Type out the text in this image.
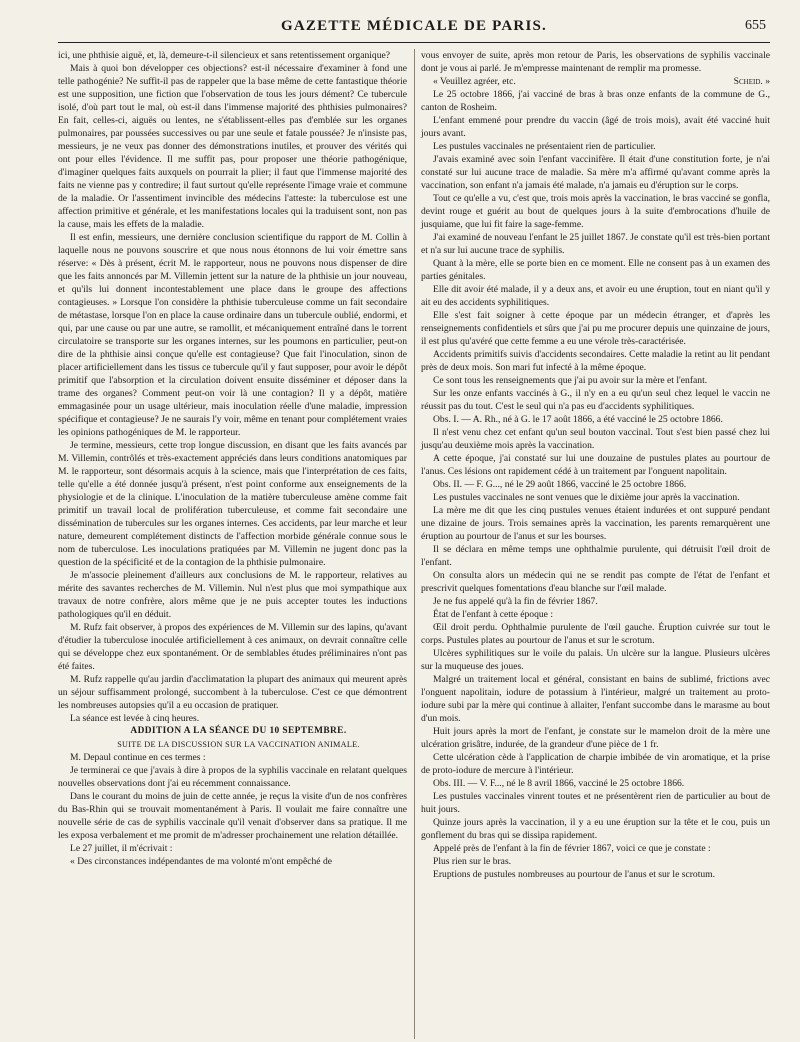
GAZETTE MÉDICALE DE PARIS.	655

ici, une phthisie aiguë, et, là, demeure-t-il silencieux et sans retentissement organique?

Mais à quoi bon développer ces objections? est-il nécessaire d'examiner à fond une telle pathogénie? Ne suffit-il pas de rappeler que la base même de cette fantastique théorie est une supposition, une fiction que l'observation de tous les jours dément? Ce tubercule isolé, d'où part tout le mal, où est-il dans l'immense majorité des phthisies pulmonaires? En fait, celles-ci, aiguës ou lentes, ne s'établissent-elles pas d'emblée sur les organes pulmonaires, par poussées successives ou par une seule et fatale poussée? Je n'insiste pas, messieurs, je ne veux pas donner des démonstrations inutiles, et prouver des vérités qui ont pour elles l'évidence. Il me suffit pas, pour proposer une théorie pathogénique, d'imaginer quelques faits auxquels on pourrait la plier; il faut que l'immense majorité des faits ne vienne pas y contredire; il faut surtout qu'elle représente l'image vraie et commune de la maladie. Or l'assentiment invincible des médecins l'atteste: la tuberculose est une affection primitive et générale, et les manifestations locales qui la traduisent sont, non pas la cause, mais les effets de la maladie.

Il est enfin, messieurs, une dernière conclusion scientifique du rapport de M. Collin à laquelle nous ne pouvons souscrire et que nous nous étonnons de lui voir émettre sans réserve: « Dès à présent, écrit M. le rapporteur, nous ne pouvons nous dispenser de dire que les faits annoncés par M. Villemin jettent sur la nature de la phthisie un jour nouveau, et qu'ils lui donnent incontestablement une place dans le groupe des affections contagieuses. » Lorsque l'on considère la phthisie tuberculeuse comme un fait secondaire de métastase, lorsque l'on en place la cause ordinaire dans un tubercule oublié, endormi, et qui, par une cause ou par une autre, se ramollit, et mécaniquement entraîné dans le torrent circulatoire se transporte sur les organes internes, sur les poumons en particulier, peut-on dire de la phthisie ainsi conçue qu'elle est contagieuse? Que fait l'inoculation, sinon de placer artificiellement dans les tissus ce tubercule qu'il y faut supposer, pour avoir le dépôt primitif que l'absorption et la circulation doivent ensuite disséminer et déposer dans la trame des organes? Comment peut-on voir là une contagion? Il y a dépôt, matière emmagasinée pour un usage ultérieur, mais inoculation réelle d'une maladie, impression spécifique et contagieuse? Je ne saurais l'y voir, même en tenant pour complétement vraies les opinions pathogéniques de M. le rapporteur.

Je termine, messieurs, cette trop longue discussion, en disant que les faits avancés par M. Villemin, contrôlés et très-exactement appréciés dans leurs conditions anatomiques par M. le rapporteur, sont désormais acquis à la science, mais que l'interprétation de ces faits, telle qu'elle a été donnée jusqu'à présent, n'est point conforme aux enseignements de la physiologie et de la clinique. L'inoculation de la matière tuberculeuse amène comme fait primitif un travail local de prolifération tuberculeuse, et comme fait secondaire une dissémination de tubercules sur les organes internes. Ces accidents, par leur marche et leur nature, demeurent complétement distincts de l'affection morbide générale connue sous le nom de tuberculose. Les inoculations pratiquées par M. Villemin ne jugent donc pas la question de la spécificité et de la contagion de la phthisie pulmonaire.

Je m'associe pleinement d'ailleurs aux conclusions de M. le rapporteur, relatives au mérite des savantes recherches de M. Villemin. Nul n'est plus que moi sympathique aux travaux de notre confrère, alors même que je ne puis accepter toutes les inductions pathologiques qu'il en déduit.

M. Rufz fait observer, à propos des expériences de M. Villemin sur des lapins, qu'avant d'étudier la tuberculose inoculée artificiellement à ces animaux, on devrait connaître celle qui se développe chez eux spontanément. Or de semblables études préliminaires n'ont pas été faites.

M. Rufz rappelle qu'au jardin d'acclimatation la plupart des animaux qui meurent après un séjour suffisamment prolongé, succombent à la tuberculose. C'est ce que démontrent les nombreuses autopsies qu'il a eu occasion de pratiquer.

La séance est levée à cinq heures.

ADDITION A LA SÉANCE DU 10 SEPTEMBRE.

SUITE DE LA DISCUSSION SUR LA VACCINATION ANIMALE.

M. Depaul continue en ces termes :

Je terminerai ce que j'avais à dire à propos de la syphilis vaccinale en relatant quelques nouvelles observations dont j'ai eu récemment connaissance.

Dans le courant du moins de juin de cette année, je reçus la visite d'un de nos confrères du Bas-Rhin qui se trouvait momentanément à Paris. Il voulait me faire connaître une nouvelle série de cas de syphilis vaccinale qu'il venait d'observer dans sa pratique. Il me les exposa verbalement et me promit de m'adresser prochainement une relation détaillée.

Le 27 juillet, il m'écrivait :

« Des circonstances indépendantes de ma volonté m'ont empêché de

vous envoyer de suite, après mon retour de Paris, les observations de syphilis vaccinale dont je vous ai parlé. Je m'empresse maintenant de remplir ma promesse.

« Veuillez agréer, etc.	Scheid. »

Le 25 octobre 1866, j'ai vacciné de bras à bras onze enfants de la commune de G., canton de Rosheim.

L'enfant emmené pour prendre du vaccin (âgé de trois mois), avait été vacciné huit jours avant.

Les pustules vaccinales ne présentaient rien de particulier.

J'avais examiné avec soin l'enfant vaccinifère. Il était d'une constitution forte, je n'ai constaté sur lui aucune trace de maladie. Sa mère m'a affirmé qu'avant comme après la vaccination, son enfant n'a jamais été malade, n'a jamais eu d'éruption sur le corps.

Tout ce qu'elle a vu, c'est que, trois mois après la vaccination, le bras vacciné se gonfla, devint rouge et guérit au bout de quelques jours à la suite d'embrocations d'huile de jusquiame, que lui fit faire la sage-femme.

J'ai examiné de nouveau l'enfant le 25 juillet 1867. Je constate qu'il est très-bien portant et n'a sur lui aucune trace de syphilis.

Quant à la mère, elle se porte bien en ce moment. Elle ne consent pas à un examen des parties génitales.

Elle dit avoir été malade, il y a deux ans, et avoir eu une éruption, tout en niant qu'il y ait eu des accidents syphilitiques.

Elle s'est fait soigner à cette époque par un médecin étranger, et d'après les renseignements confidentiels et sûrs que j'ai pu me procurer depuis une quinzaine de jours, il est plus qu'avéré que cette femme a eu une vérole très-caractérisée.

Accidents primitifs suivis d'accidents secondaires. Cette maladie la retint au lit pendant près de deux mois. Son mari fut infecté à la même époque.

Ce sont tous les renseignements que j'ai pu avoir sur la mère et l'enfant.

Sur les onze enfants vaccinés à G., il n'y en a eu qu'un seul chez lequel le vaccin ne réussit pas du tout. C'est le seul qui n'a pas eu d'accidents syphilitiques.

Obs. I. — A. Rh., né à G. le 17 août 1866, a été vacciné le 25 octobre 1866.

Il n'est venu chez cet enfant qu'un seul bouton vaccinal. Tout s'est bien passé chez lui jusqu'au deuxième mois après la vaccination.

A cette époque, j'ai constaté sur lui une douzaine de pustules plates au pourtour de l'anus. Ces lésions ont rapidement cédé à un traitement par l'onguent napolitain.

Obs. II. — F. G..., né le 29 août 1866, vacciné le 25 octobre 1866.

Les pustules vaccinales ne sont venues que le dixième jour après la vaccination.

La mère me dit que les cinq pustules venues étaient indurées et ont suppuré pendant une dizaine de jours. Trois semaines après la vaccination, les parents remarquèrent une éruption au pourtour de l'anus et sur les bourses.

Il se déclara en même temps une ophthalmie purulente, qui détruisit l'œil droit de l'enfant.

On consulta alors un médecin qui ne se rendit pas compte de l'état de l'enfant et prescrivit quelques fomentations d'eau blanche sur l'œil malade.

Je ne fus appelé qu'à la fin de février 1867.

État de l'enfant à cette époque :

Œil droit perdu. Ophthalmie purulente de l'œil gauche. Éruption cuivrée sur tout le corps. Pustules plates au pourtour de l'anus et sur le scrotum.

Ulcères syphilitiques sur le voile du palais. Un ulcère sur la langue. Plusieurs ulcères sur la muqueuse des joues.

Malgré un traitement local et général, consistant en bains de sublimé, frictions avec l'onguent napolitain, iodure de potassium à l'intérieur, malgré un traitement au proto-iodure subi par la mère qui continue à allaiter, l'enfant succombe dans le marasme au bout d'un mois.

Huit jours après la mort de l'enfant, je constate sur le mamelon droit de la mère une ulcération grisâtre, indurée, de la grandeur d'une pièce de 1 fr.

Cette ulcération cède à l'application de charpie imbibée de vin aromatique, et la prise de proto-iodure de mercure à l'intérieur.

Obs. III. — V. F..., né le 8 avril 1866, vacciné le 25 octobre 1866.

Les pustules vaccinales vinrent toutes et ne présentèrent rien de particulier au bout de huit jours.

Quinze jours après la vaccination, il y a eu une éruption sur la tête et le cou, puis un gonflement du bras qui se dissipa rapidement.

Appelé près de l'enfant à la fin de février 1867, voici ce que je constate :

Plus rien sur le bras.

Eruptions de pustules nombreuses au pourtour de l'anus et sur le scrotum.
